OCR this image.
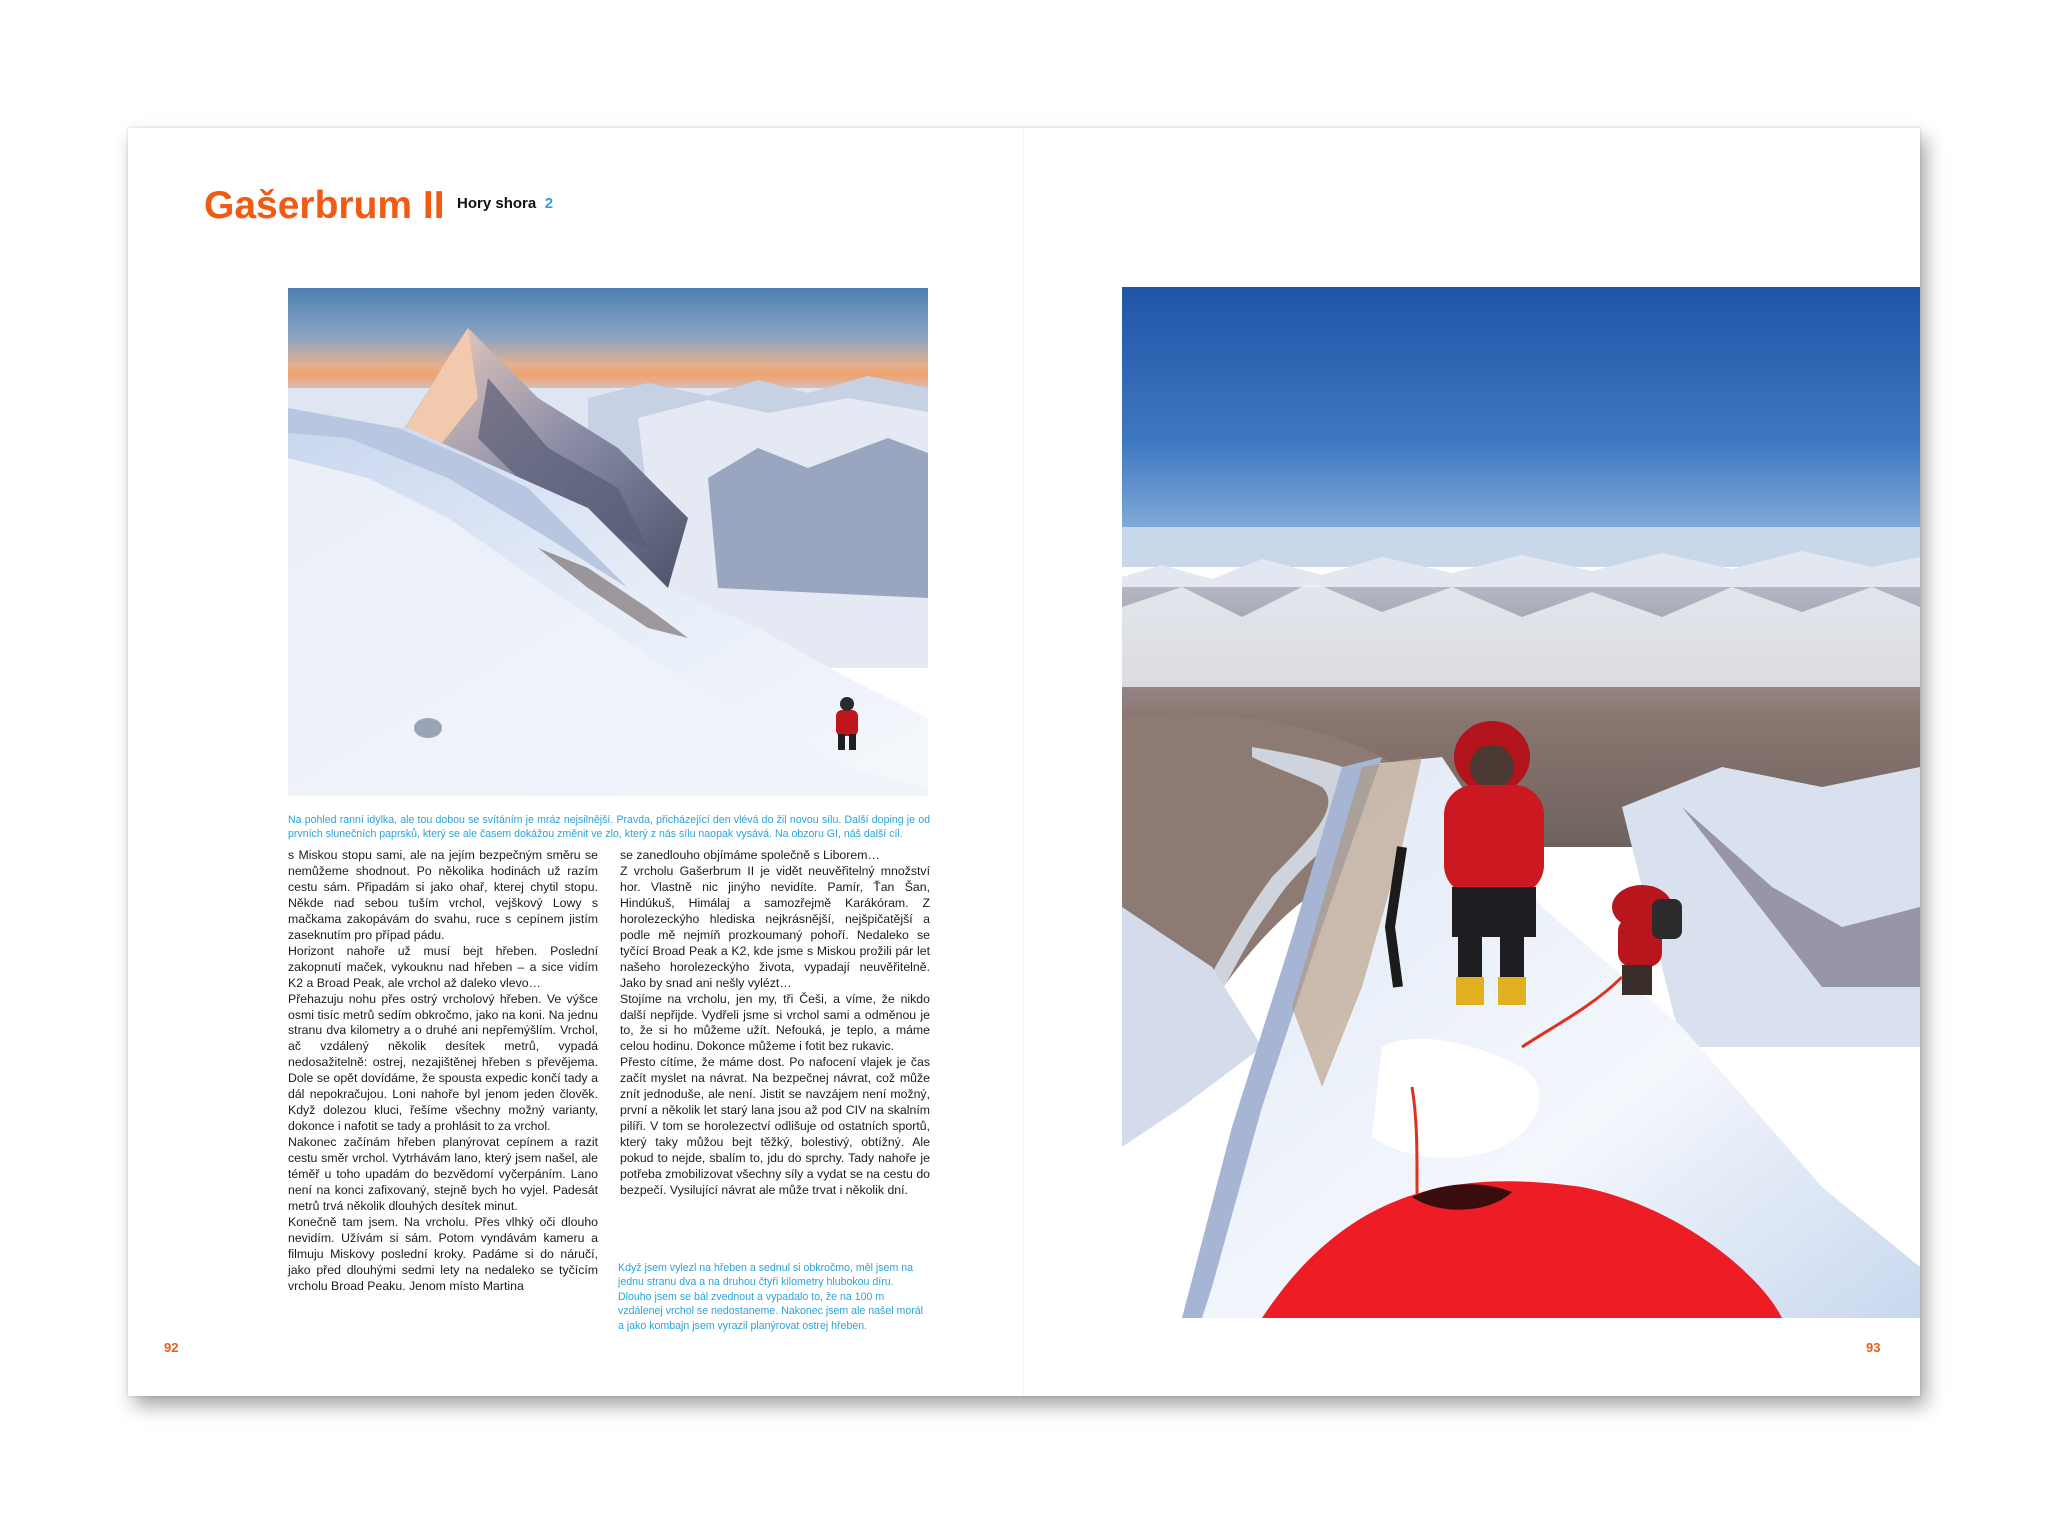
Gašerbrum II Hory shora 2

Na pohled ranní idylka, ale tou dobou se svítáním je mráz nejsilnější. Pravda, přicházející den vlévá do žil novou sílu. Další doping je od prvních slunečních paprsků, který se ale časem dokážou změnit ve zlo, který z nás sílu naopak vysává. Na obzoru GI, náš další cíl.

s Miskou stopu sami, ale na jejím bezpečným směru se nemůžeme shodnout. Po několika hodinách už razím cestu sám. Připadám si jako ohař, kterej chytil stopu. Někde nad sebou tuším vrchol, vejškový Lowy s mačkama zakopávám do svahu, ruce s cepínem jistím zaseknutím pro případ pádu.

Horizont nahoře už musí bejt hřeben. Poslední zakopnutí maček, vykouknu nad hřeben – a sice vidím K2 a Broad Peak, ale vrchol až daleko vlevo…

Přehazuju nohu přes ostrý vrcholový hřeben. Ve výšce osmi tisíc metrů sedím obkročmo, jako na koni. Na jednu stranu dva kilometry a o druhé ani nepřemýšlím. Vrchol, ač vzdálený několik desítek metrů, vypadá nedosažitelně: ostrej, nezajištěnej hřeben s převějema. Dole se opět dovídáme, že spousta expedic končí tady a dál nepokračujou. Loni nahoře byl jenom jeden člověk. Když dolezou kluci, řešíme všechny možný varianty, dokonce i nafotit se tady a prohlásit to za vrchol.

Nakonec začínám hřeben planýrovat cepínem a razit cestu směr vrchol. Vytrhávám lano, který jsem našel, ale téměř u toho upadám do bezvědomí vyčerpáním. Lano není na konci zafixovaný, stejně bych ho vyjel. Padesát metrů trvá několik dlouhých desítek minut.

Konečně tam jsem. Na vrcholu. Přes vlhký oči dlouho nevidím. Užívám si sám. Potom vyndávám kameru a filmuju Miskovy poslední kroky. Padáme si do náručí, jako před dlouhými sedmi lety na nedaleko se tyčícím vrcholu Broad Peaku. Jenom místo Martina

se zanedlouho objímáme společně s Liborem…

Z vrcholu Gašerbrum II je vidět neuvěřitelný množství hor. Vlastně nic jinýho nevidíte. Pamír, Ťan Šan, Hindúkuš, Himálaj a samozřejmě Karákóram. Z horolezeckýho hlediska nejkrásnější, nejšpičatější a podle mě nejmíň prozkoumaný pohoří. Nedaleko se tyčící Broad Peak a K2, kde jsme s Miskou prožili pár let našeho horolezeckýho života, vypadají neuvěřitelně. Jako by snad ani nešly vylézt…

Stojíme na vrcholu, jen my, tři Češi, a víme, že nikdo další nepřijde. Vydřeli jsme si vrchol sami a odměnou je to, že si ho můžeme užít. Nefouká, je teplo, a máme celou hodinu. Dokonce můžeme i fotit bez rukavic.

Přesto cítíme, že máme dost. Po nafocení vlajek je čas začít myslet na návrat. Na bezpečnej návrat, což může znít jednoduše, ale není. Jistit se navzájem není možný, první a několik let starý lana jsou až pod CIV na skalním pilíři. V tom se horolezectví odlišuje od ostatních sportů, který taky můžou bejt těžký, bolestivý, obtížný. Ale pokud to nejde, sbalím to, jdu do sprchy. Tady nahoře je potřeba zmobilizovat všechny síly a vydat se na cestu do bezpečí. Vysilující návrat ale může trvat i několik dní.

Když jsem vylezl na hřeben a sednul si obkročmo, měl jsem na jednu stranu dva a na druhou čtyři kilometry hlubokou díru. Dlouho jsem se bál zvednout a vypadalo to, že na 100 m vzdálenej vrchol se nedostaneme. Nakonec jsem ale našel morál a jako kombajn jsem vyrazil planýrovat ostrej hřeben.

92	93
